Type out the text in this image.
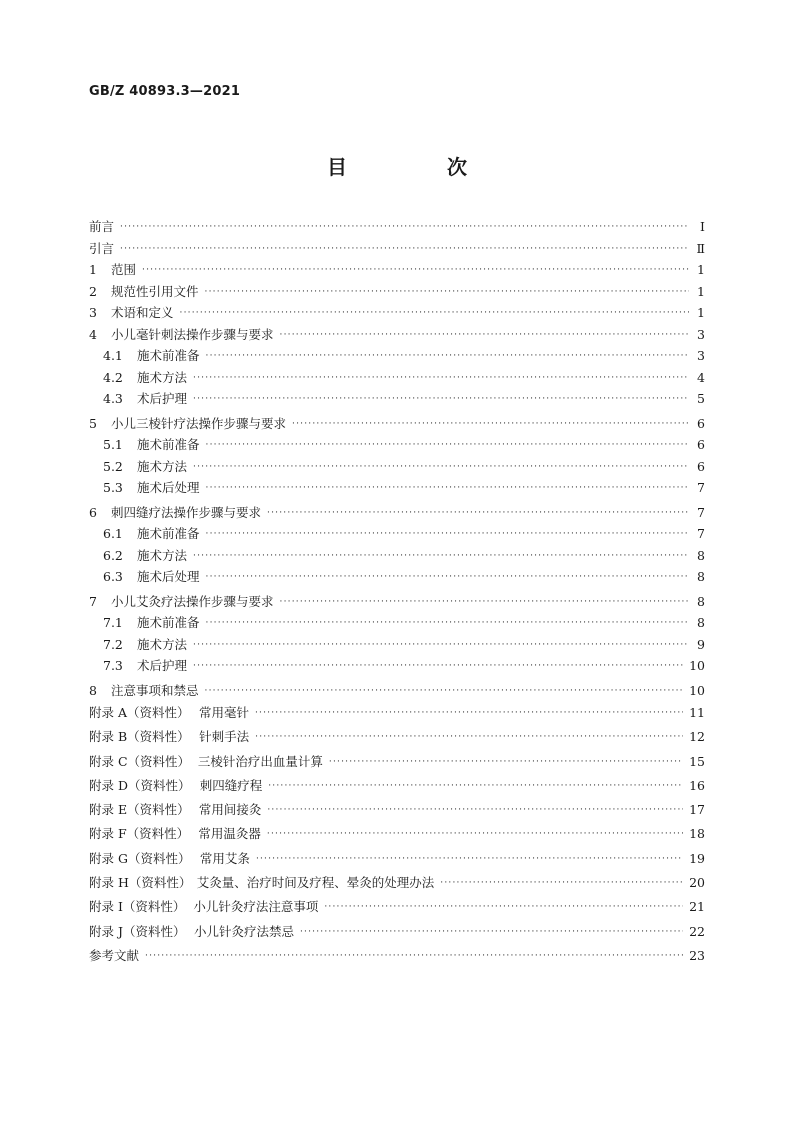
GB/Z 40893.3—2021
目　次
前言 ·····	Ⅰ
引言 ·····	Ⅱ
1	范围 ·····	1
2	规范性引用文件 ·····	1
3	术语和定义 ·····	1
4	小儿毫针刺法操作步骤与要求 ·····	3
4.1	施术前准备 ·····	3
4.2	施术方法 ·····	4
4.3	术后护理 ·····	5
5	小儿三棱针疗法操作步骤与要求 ·····	6
5.1	施术前准备 ·····	6
5.2	施术方法 ·····	6
5.3	施术后处理 ·····	7
6	刺四缝疗法操作步骤与要求 ·····	7
6.1	施术前准备 ·····	7
6.2	施术方法 ·····	8
6.3	施术后处理 ·····	8
7	小儿艾灸疗法操作步骤与要求 ·····	8
7.1	施术前准备 ·····	8
7.2	施术方法 ·····	9
7.3	术后护理 ·····	10
8	注意事项和禁忌 ·····	10
附录 A（资料性） 常用毫针 ·····	11
附录 B（资料性） 针刺手法 ·····	12
附录 C（资料性） 三棱针治疗出血量计算 ·····	15
附录 D（资料性） 刺四缝疗程 ·····	16
附录 E（资料性） 常用间接灸 ·····	17
附录 F（资料性） 常用温灸器 ·····	18
附录 G（资料性） 常用艾条 ·····	19
附录 H（资料性） 艾灸量、治疗时间及疗程、晕灸的处理办法 ·····	20
附录 I（资料性） 小儿针灸疗法注意事项 ·····	21
附录 J（资料性） 小儿针灸疗法禁忌 ·····	22
参考文献 ·····	23
